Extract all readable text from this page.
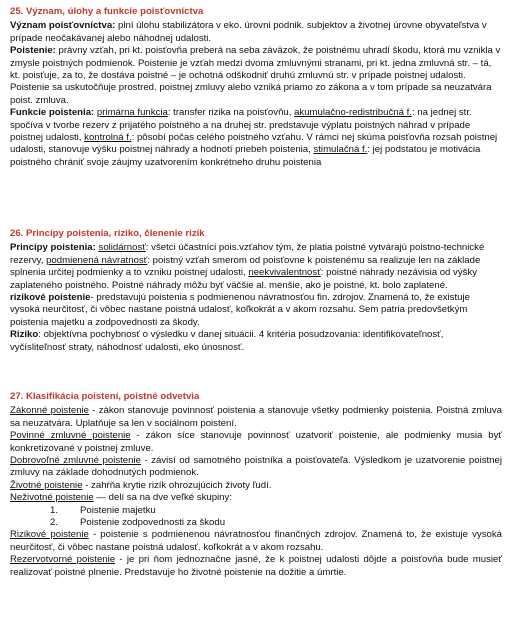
25. Význam, úlohy a funkcie poisťovníctva

Význam poisťovníctva: plní úlohu stabilizátora v eko. úrovni podnik. subjektov a životnej úrovne obyvateľstva v prípade neočakávanej alebo náhodnej udalosti.

Poistenie: právny vzťah, pri kt. poisťovňa preberá na seba záväzok, že poistnému uhradí škodu, ktorá mu vznikla v zmysle poistných podmienok. Poistenie je vzťah medzi dvoma zmluvnými stranami, pri kt. jedna zmluvná str. – tá, kt. poisťuje, za to, že dostáva poistné – je ochotná odškodniť druhú zmluvnú str. v prípade poistnej udalosti. Poistenie sa uskutočňuje prostred. poistnej zmluvy alebo vzniká priamo zo zákona a v tom prípade sa neuzatvára poist. zmluva.

Funkcie poistenia: primárna funkcia: transfer rizika na poisťovňu, akumulačno-redistribučná f.: na jednej str. spočíva v tvorbe rezerv z prijatého poistného a na druhej str. predstavuje výplatu poistných náhrad v prípade poistnej udalosti, kontrolná f.: pôsobí počas celého poistného vzťahu. V rámci nej skúma poisťovňa rozsah poistnej udalosti, stanovuje výšku poistnej náhrady a hodnotí priebeh poistenia, stimulačná f.: jej podstatou je motivácia poistného chrániť svoje záujmy uzatvorením konkrétneho druhu poistenia

26. Princípy poistenia, riziko, členenie rizík

Princípy poistenia: solidárnosť: všetci účastníci pois.vzťahov tým, že platia poistné vytvárajú poistno-technické rezervy, podmienená návratnosť: poistný vzťah smerom od poisťovne k poistenému sa realizuje len na základe splnenia určitej podmienky a to vzniku poistnej udalosti, neekvivalentnosť: poistné náhrady nezávisia od výšky zaplateného poistného. Poistné náhrady môžu byť väčšie al. menšie, ako je poistné, kt. bolo zaplatené.

rizikové poistenie- predstavujú poistenia s podmienenou návratnosťou fin. zdrojov. Znamená to, že existuje vysoká neurčitosť, či vôbec nastane poistná udalosť, koľkokrát a v akom rozsahu. Sem patria predovšetkým poistenia majetku a zodpovednosti za škody.

Riziko: objektívna pochybnosť o výsledku v danej situácii. 4 kritéria posudzovania: identifikovateľnosť, vyčísliteľnosť straty, náhodnosť udalosti, eko únosnosť.

27. Klasifikácia poistení, poistné odvetvia

Zákonné poistenie - zákon stanovuje povinnosť poistenia a stanovuje všetky podmienky poistenia. Poistná zmluva sa neuzatvára. Uplatňuje sa len v sociálnom poistení.

Povinné zmluvné poistenie - zákon síce stanovuje povinnosť uzatvoriť poistenie, ale podmienky musia byť konkretizované v poistnej zmluve.

Dobrovoľné zmluvné poistenie - závisí od samotného poistníka a poisťovateľa. Výsledkom je uzatvorenie poistnej zmluvy na základe dohodnutých podmienok.

Životné poistenie - zahŕňa krytie rizík ohrozujúcich životy ľudí.

Neživotné poistenie — delí sa na dve veľké skupiny:

1. Poistenie majetku
2. Poistenie zodpovednosti za škodu

Rizikové poistenie - poistenie s podmienenou návratnosťou finančných zdrojov. Znamená to, že existuje vysoká neurčitosť, či vôbec nastane poistná udalosť. koľkokrát a v akom rozsahu.

Rezervotvorné poistenie - je pri ňom jednoznačne jasné, že k poistnej udalosti dôjde a poisťovňa bude musieť realizovať poistné plnenie. Predstavuje ho životné poistenie na dožitie a úmrtie.
